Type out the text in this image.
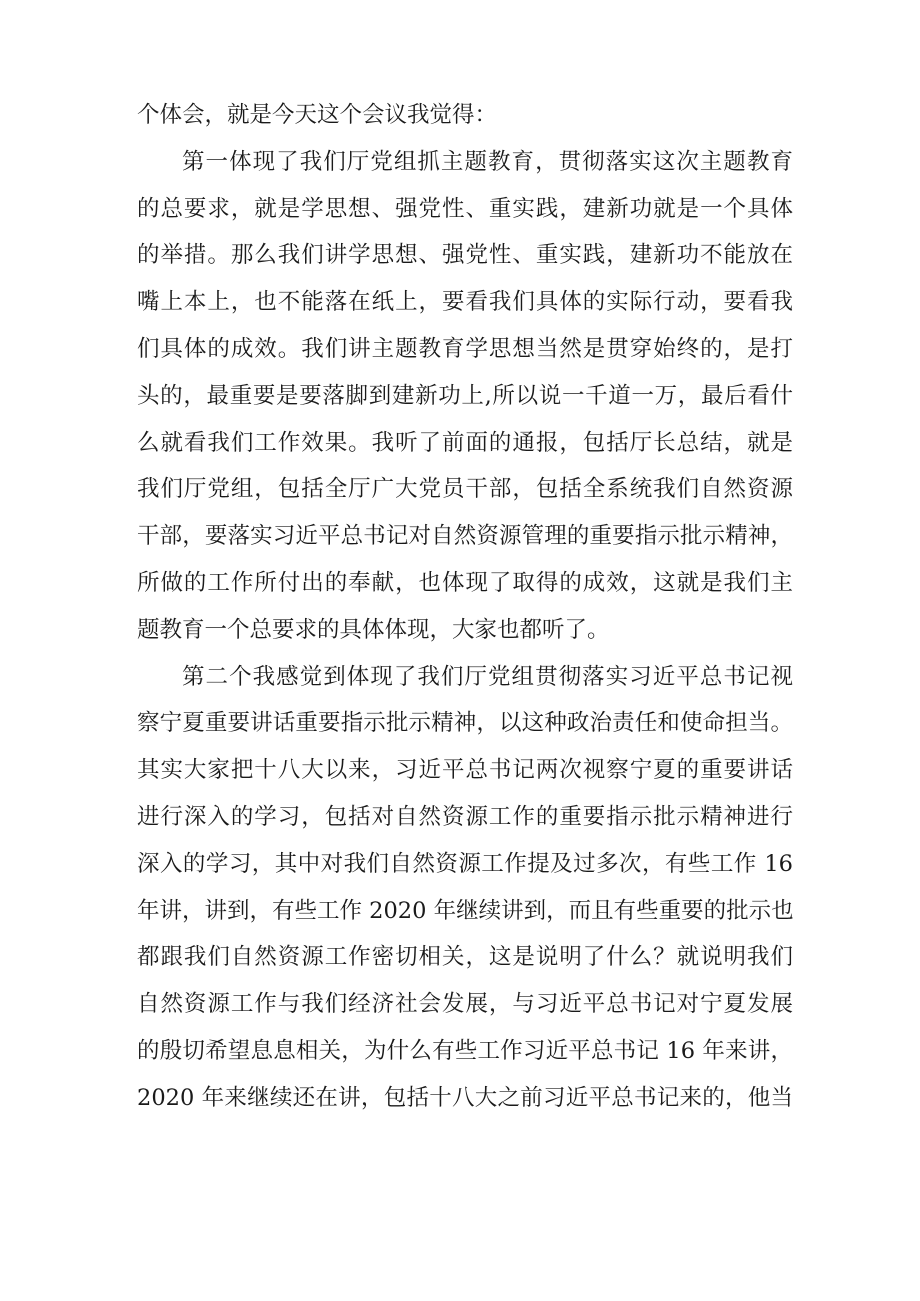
个体会，就是今天这个会议我觉得：
第一体现了我们厅党组抓主题教育，贯彻落实这次主题教育
的总要求，就是学思想、强党性、重实践，建新功就是一个具体
的举措。那么我们讲学思想、强党性、重实践，建新功不能放在
嘴上本上，也不能落在纸上，要看我们具体的实际行动，要看我
们具体的成效。我们讲主题教育学思想当然是贯穿始终的，是打
头的，最重要是要落脚到建新功上,所以说一千道一万，最后看什
么就看我们工作效果。我听了前面的通报，包括厅长总结，就是
我们厅党组，包括全厅广大党员干部，包括全系统我们自然资源
干部，要落实习近平总书记对自然资源管理的重要指示批示精神，
所做的工作所付出的奉献，也体现了取得的成效，这就是我们主
题教育一个总要求的具体体现，大家也都听了。
第二个我感觉到体现了我们厅党组贯彻落实习近平总书记视
察宁夏重要讲话重要指示批示精神，以这种政治责任和使命担当。
其实大家把十八大以来，习近平总书记两次视察宁夏的重要讲话
进行深入的学习，包括对自然资源工作的重要指示批示精神进行
深入的学习，其中对我们自然资源工作提及过多次，有些工作 16
年讲，讲到，有些工作 2020 年继续讲到，而且有些重要的批示也
都跟我们自然资源工作密切相关，这是说明了什么？就说明我们
自然资源工作与我们经济社会发展，与习近平总书记对宁夏发展
的殷切希望息息相关，为什么有些工作习近平总书记 16 年来讲，
2020 年来继续还在讲，包括十八大之前习近平总书记来的，他当
